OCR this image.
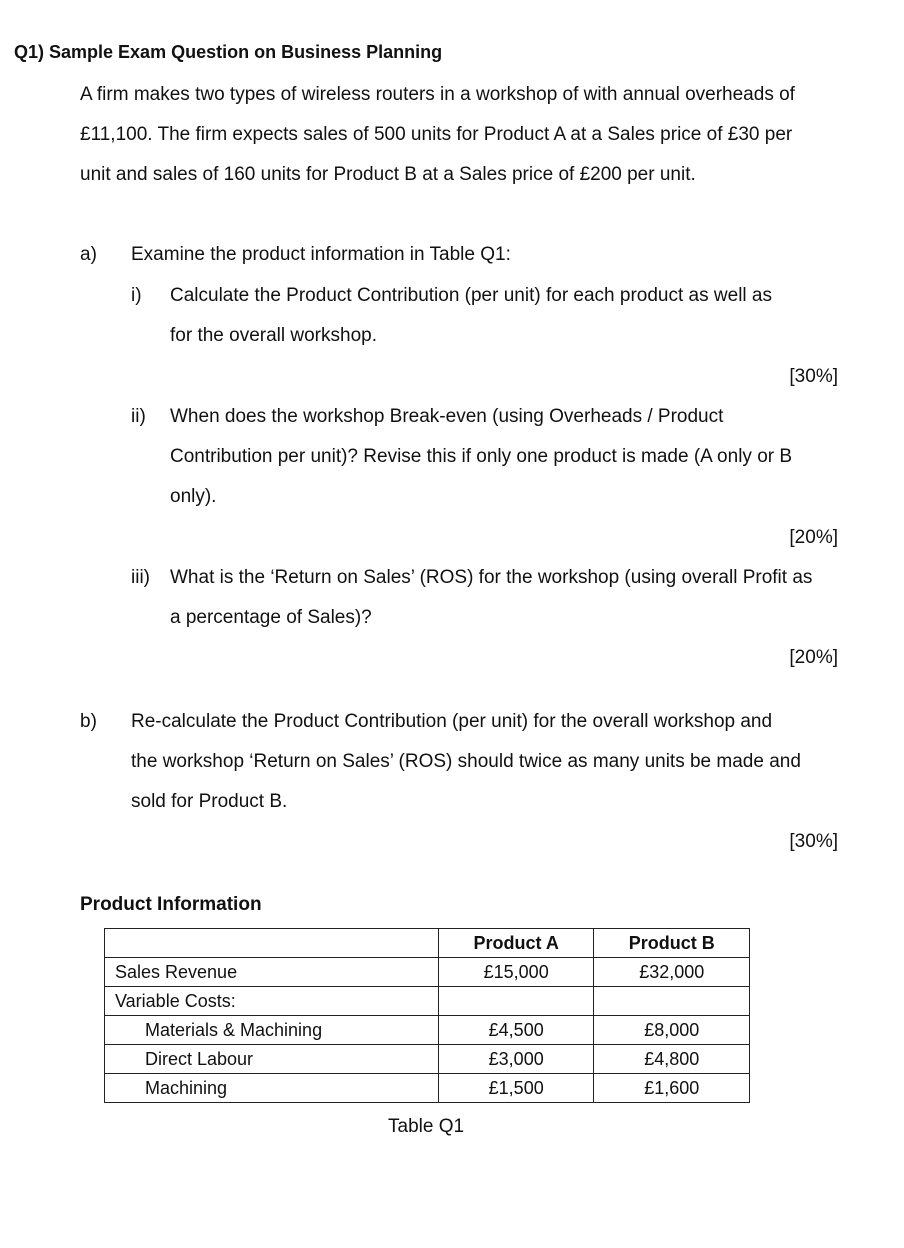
Q1) Sample Exam Question on Business Planning
A firm makes two types of wireless routers in a workshop of with annual overheads of
£11,100. The firm expects sales of 500 units for Product A at a Sales price of £30 per
unit and sales of 160 units for Product B at a Sales price of £200 per unit.
a) Examine the product information in Table Q1:
i) Calculate the Product Contribution (per unit) for each product as well as
for the overall workshop.
[30%]
ii) When does the workshop Break-even (using Overheads / Product
Contribution per unit)? Revise this if only one product is made (A only or B
only).
[20%]
iii) What is the ‘Return on Sales’ (ROS) for the workshop (using overall Profit as
a percentage of Sales)?
[20%]
b) Re-calculate the Product Contribution (per unit) for the overall workshop and
the workshop ‘Return on Sales’ (ROS) should twice as many units be made and
sold for Product B.
[30%]
Product Information
	Product A	Product B
Sales Revenue	£15,000	£32,000
Variable Costs:		
Materials & Machining	£4,500	£8,000
Direct Labour	£3,000	£4,800
Machining	£1,500	£1,600
Table Q1
